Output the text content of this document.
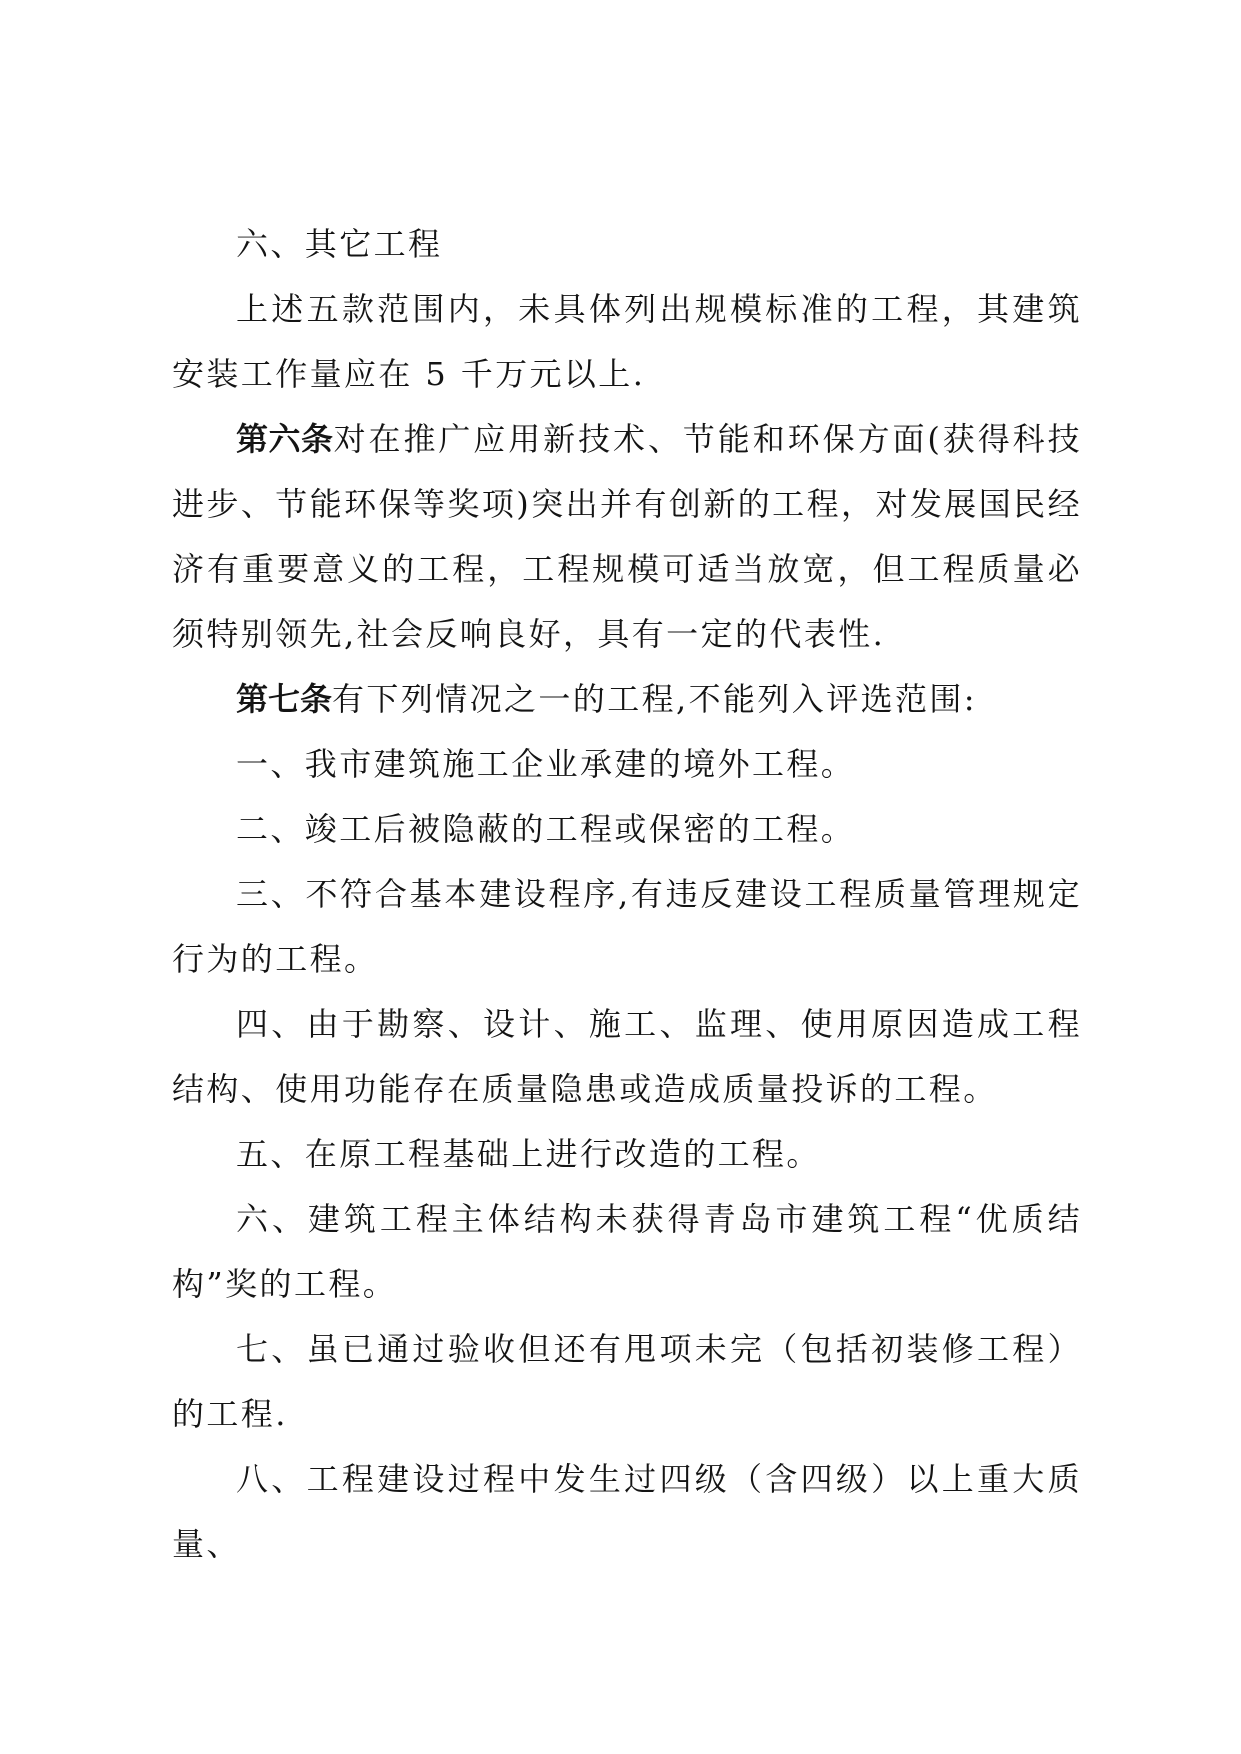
六、其它工程

上述五款范围内，未具体列出规模标准的工程，其建筑安装工作量应在 5 千万元以上.

第六条对在推广应用新技术、节能和环保方面(获得科技进步、节能环保等奖项)突出并有创新的工程，对发展国民经济有重要意义的工程，工程规模可适当放宽，但工程质量必须特别领先,社会反响良好，具有一定的代表性.

第七条有下列情况之一的工程,不能列入评选范围:

一、我市建筑施工企业承建的境外工程。

二、竣工后被隐蔽的工程或保密的工程。

三、不符合基本建设程序,有违反建设工程质量管理规定行为的工程。

四、由于勘察、设计、施工、监理、使用原因造成工程结构、使用功能存在质量隐患或造成质量投诉的工程。

五、在原工程基础上进行改造的工程。

六、建筑工程主体结构未获得青岛市建筑工程“优质结构”奖的工程。

七、虽已通过验收但还有甩项未完（包括初装修工程）的工程.

八、工程建设过程中发生过四级（含四级）以上重大质量、
